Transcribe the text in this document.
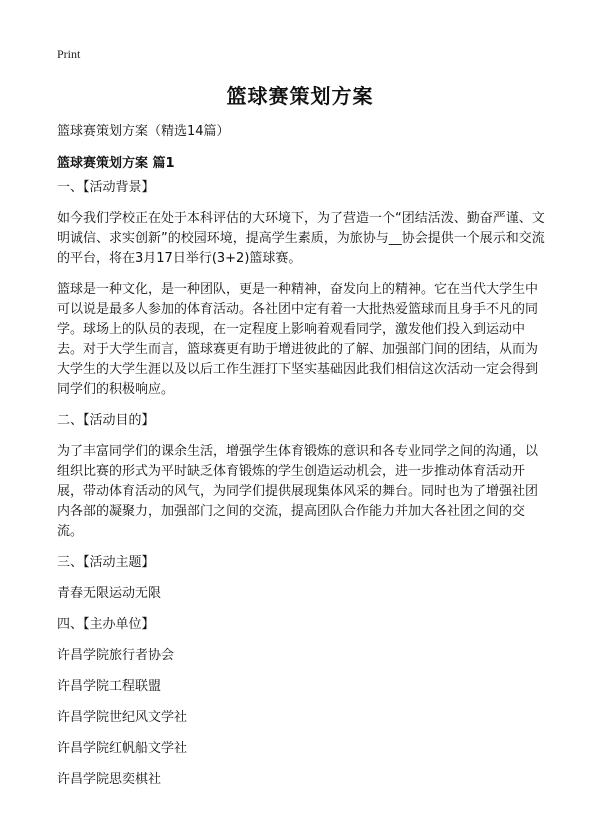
Print
篮球赛策划方案
篮球赛策划方案（精选14篇）
篮球赛策划方案 篇1

一、【活动背景】

如今我们学校正在处于本科评估的大环境下，为了营造一个“团结活泼、勤奋严谨、文明诚信、求实创新”的校园环境，提高学生素质，为旅协与__协会提供一个展示和交流的平台，将在3月17日举行(3+2)篮球赛。

篮球是一种文化，是一种团队，更是一种精神，奋发向上的精神。它在当代大学生中可以说是最多人参加的体育活动。各社团中定有着一大批热爱篮球而且身手不凡的同学。球场上的队员的表现，在一定程度上影响着观看同学，激发他们投入到运动中去。对于大学生而言，篮球赛更有助于增进彼此的了解、加强部门间的团结，从而为大学生的大学生涯以及以后工作生涯打下坚实基础因此我们相信这次活动一定会得到同学们的积极响应。

二、【活动目的】

为了丰富同学们的课余生活，增强学生体育锻炼的意识和各专业同学之间的沟通，以组织比赛的形式为平时缺乏体育锻炼的学生创造运动机会，进一步推动体育活动开展，带动体育活动的风气，为同学们提供展现集体风采的舞台。同时也为了增强社团内各部的凝聚力，加强部门之间的交流，提高团队合作能力并加大各社团之间的交流。

三、【活动主题】

青春无限运动无限

四、【主办单位】

许昌学院旅行者协会

许昌学院工程联盟

许昌学院世纪风文学社

许昌学院红帆船文学社

许昌学院思奕棋社
